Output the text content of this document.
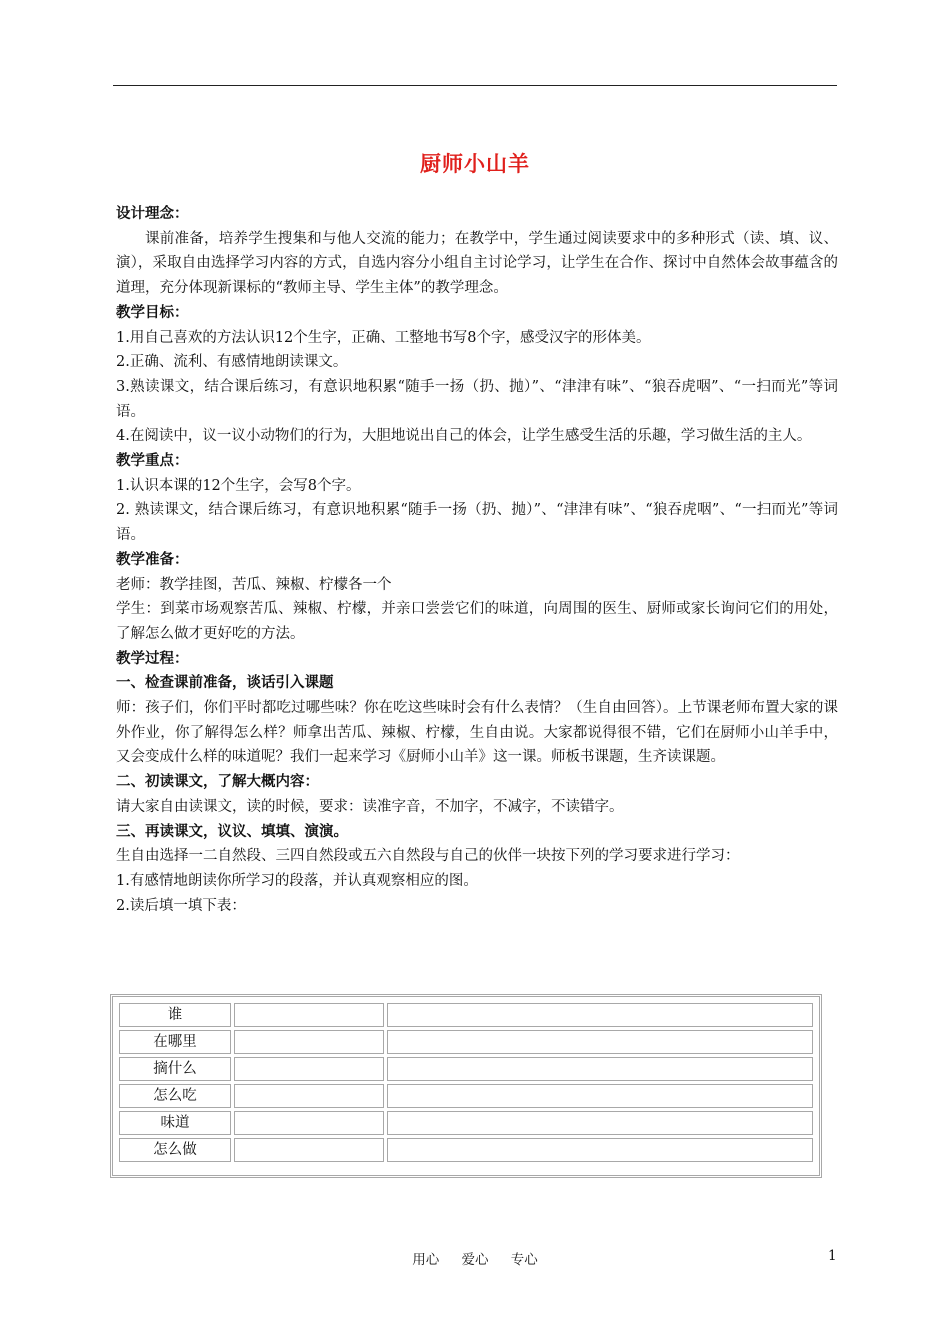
厨师小山羊
设计理念：

课前准备，培养学生搜集和与他人交流的能力；在教学中，学生通过阅读要求中的多种形式（读、填、议、演），采取自由选择学习内容的方式，自选内容分小组自主讨论学习，让学生在合作、探讨中自然体会故事蕴含的道理，充分体现新课标的“教师主导、学生主体”的教学理念。

教学目标：

1.用自己喜欢的方法认识12个生字，正确、工整地书写8个字，感受汉字的形体美。

2.正确、流利、有感情地朗读课文。

3.熟读课文，结合课后练习，有意识地积累“随手一扬（扔、抛）”、“津津有味”、“狼吞虎咽”、“一扫而光”等词语。

4.在阅读中，议一议小动物们的行为，大胆地说出自己的体会，让学生感受生活的乐趣，学习做生活的主人。

教学重点：

1.认识本课的12个生字，会写8个字。

2. 熟读课文，结合课后练习，有意识地积累“随手一扬（扔、抛）”、“津津有味”、“狼吞虎咽”、“一扫而光”等词语。

教学准备：

老师：教学挂图，苦瓜、辣椒、柠檬各一个

学生：到菜市场观察苦瓜、辣椒、柠檬，并亲口尝尝它们的味道，向周围的医生、厨师或家长询问它们的用处，了解怎么做才更好吃的方法。

教学过程：
一、检查课前准备，谈话引入课题

师：孩子们，你们平时都吃过哪些味？你在吃这些味时会有什么表情？（生自由回答）。上节课老师布置大家的课外作业，你了解得怎么样？师拿出苦瓜、辣椒、柠檬，生自由说。大家都说得很不错，它们在厨师小山羊手中，又会变成什么样的味道呢？我们一起来学习《厨师小山羊》这一课。师板书课题，生齐读课题。

二、初读课文，了解大概内容：

请大家自由读课文，读的时候，要求：读准字音，不加字，不减字，不读错字。

三、再读课文，议议、填填、演演。

生自由选择一二自然段、三四自然段或五六自然段与自己的伙伴一块按下列的学习要求进行学习：

1.有感情地朗读你所学习的段落，并认真观察相应的图。

2.读后填一填下表：

谁		
在哪里		
摘什么		
怎么吃		
味道		
怎么做		
用心 爱心 专心	1
